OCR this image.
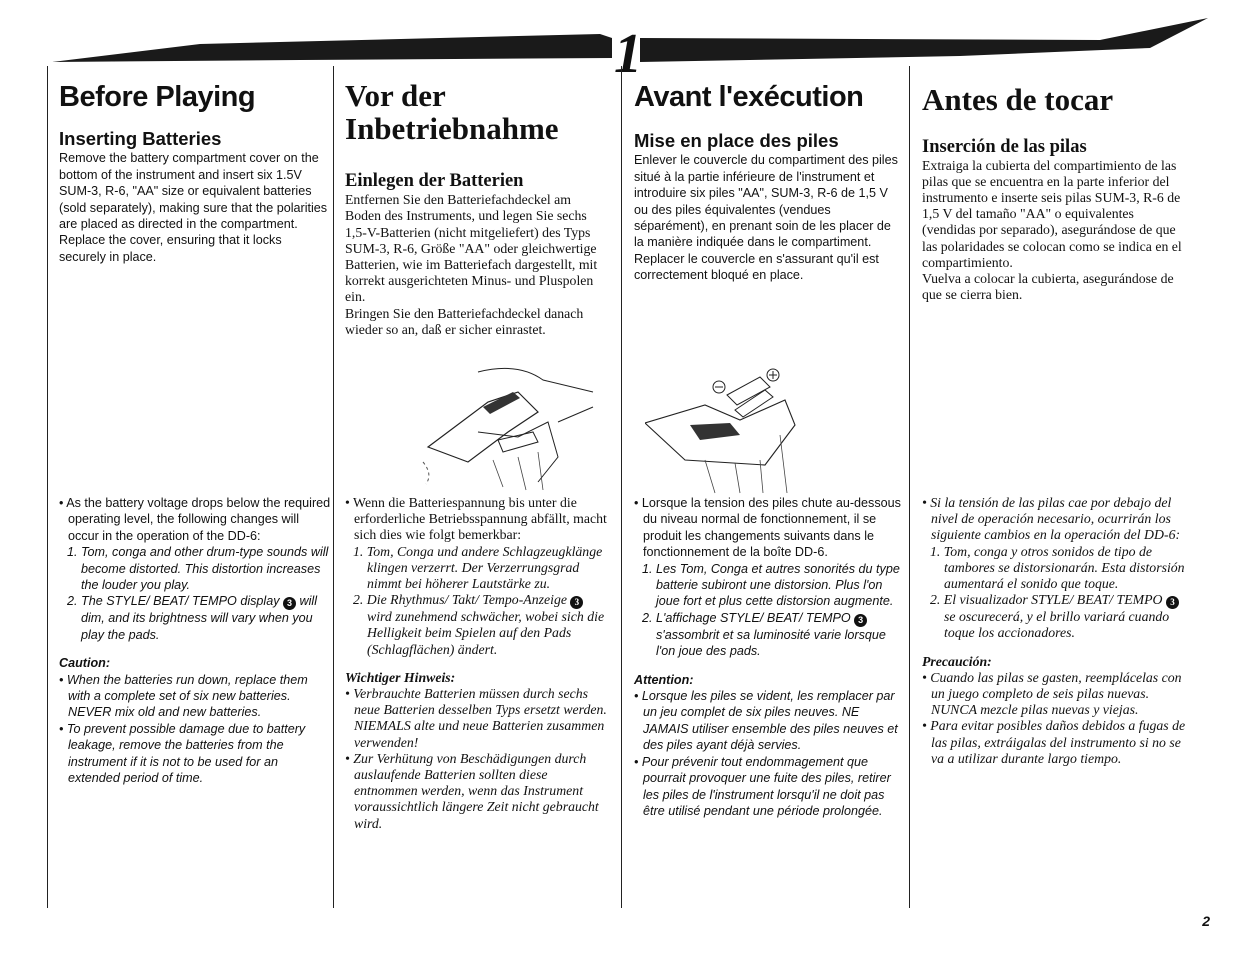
1
Before Playing
Inserting Batteries

Remove the battery compartment cover on the bottom of the instrument and insert six 1.5V SUM-3, R-6, "AA" size or equivalent batteries (sold separately), making sure that the polarities are placed as directed in the compartment.

Replace the cover, ensuring that it locks securely in place.

Vor der Inbetriebnahme
Einlegen der Batterien

Entfernen Sie den Batteriefachdeckel am Boden des Instruments, und legen Sie sechs 1,5-V-Batterien (nicht mitgeliefert) des Typs SUM-3, R-6, Größe "AA" oder gleichwertige Batterien, wie im Batteriefach dargestellt, mit korrekt ausgerichteten Minus- und Pluspolen ein.

Bringen Sie den Batteriefachdeckel danach wieder so an, daß er sicher einrastet.

Avant l'exécution
Mise en place des piles

Enlever le couvercle du compartiment des piles situé à la partie inférieure de l'instrument et introduire six piles "AA", SUM-3, R-6 de 1,5 V ou des piles équivalentes (vendues séparément), en prenant soin de les placer de la manière indiquée dans le compartiment.

Replacer le couvercle en s'assurant qu'il est correctement bloqué en place.

Antes de tocar
Inserción de las pilas

Extraiga la cubierta del compartimiento de las pilas que se encuentra en la parte inferior del instrumento e inserte seis pilas SUM-3, R-6 de 1,5 V del tamaño "AA" o equivalentes (vendidas por separado), asegurándose de que las polaridades se colocan como se indica en el compartimiento.

Vuelva a colocar la cubierta, asegurándose de que se cierra bien.

• As the battery voltage drops below the required operating level, the following changes will occur in the operation of the DD-6:

1. Tom, conga and other drum-type sounds will become distorted. This distortion increases the louder you play.
2. The STYLE/ BEAT/ TEMPO display 3 will dim, and its brightness will vary when you play the pads.

Caution:

• When the batteries run down, replace them with a complete set of six new batteries.
NEVER mix old and new batteries.

• To prevent possible damage due to battery leakage, remove the batteries from the instrument if it is not to be used for an extended period of time.

• Wenn die Batteriespannung bis unter die erforderliche Betriebsspannung abfällt, macht sich dies wie folgt bemerkbar:

1. Tom, Conga und andere Schlagzeugklänge klingen verzerrt. Der Verzerrungsgrad nimmt bei höherer Lautstärke zu.
2. Die Rhythmus/ Takt/ Tempo-Anzeige 3 wird zunehmend schwächer, wobei sich die Helligkeit beim Spielen auf den Pads (Schlagflächen) ändert.

Wichtiger Hinweis:

• Verbrauchte Batterien müssen durch sechs neue Batterien desselben Typs ersetzt werden. NIEMALS alte und neue Batterien zusammen verwenden!

• Zur Verhütung von Beschädigungen durch auslaufende Batterien sollten diese entnommen werden, wenn das Instrument voraussichtlich längere Zeit nicht gebraucht wird.

• Lorsque la tension des piles chute au-dessous du niveau normal de fonctionnement, il se produit les changements suivants dans le fonctionnement de la boîte DD-6.

1. Les Tom, Conga et autres sonorités du type batterie subiront une distorsion. Plus l'on joue fort et plus cette distorsion augmente.
2. L'affichage STYLE/ BEAT/ TEMPO 3 s'assombrit et sa luminosité varie lorsque l'on joue des pads.

Attention:

• Lorsque les piles se vident, les remplacer par un jeu complet de six piles neuves. NE JAMAIS utiliser ensemble des piles neuves et des piles ayant déjà servies.

• Pour prévenir tout endommagement que pourrait provoquer une fuite des piles, retirer les piles de l'instrument lorsqu'il ne doit pas être utilisé pendant une période prolongée.

• Si la tensión de las pilas cae por debajo del nivel de operación necesario, ocurrirán los siguiente cambios en la operación del DD-6:

1. Tom, conga y otros sonidos de tipo de tambores se distorsionarán. Esta distorsión aumentará el sonido que toque.
2. El visualizador STYLE/ BEAT/ TEMPO 3 se oscurecerá, y el brillo variará cuando toque los accionadores.

Precaución:

• Cuando las pilas se gasten, reemplácelas con un juego completo de seis pilas nuevas. NUNCA mezcle pilas nuevas y viejas.

• Para evitar posibles daños debidos a fugas de las pilas, extráigalas del instrumento si no se va a utilizar durante largo tiempo.

2
